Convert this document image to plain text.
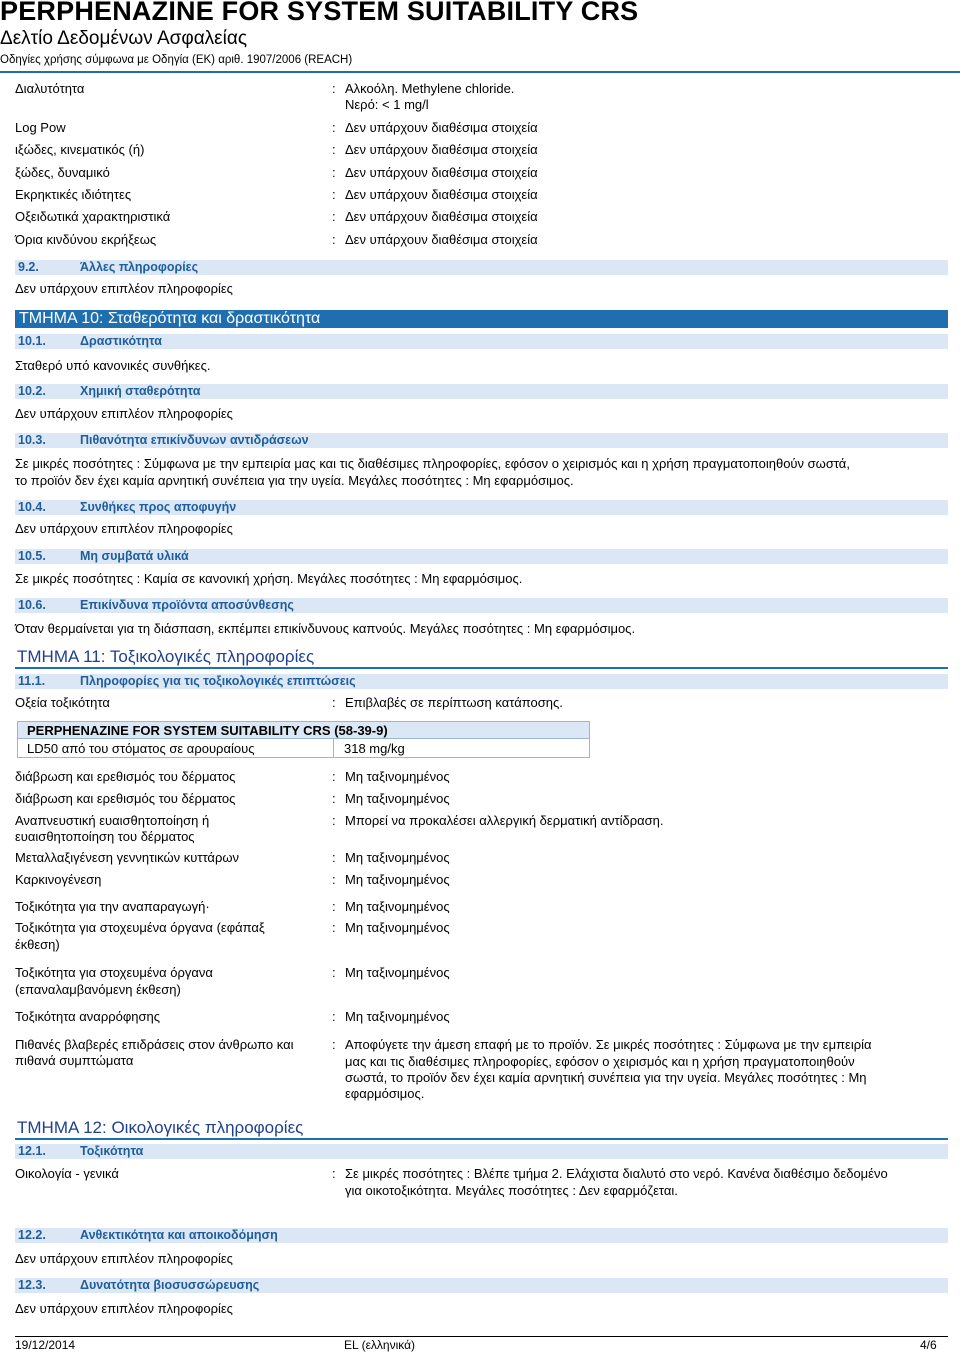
PERPHENAZINE FOR SYSTEM SUITABILITY CRS
Δελτίο Δεδομένων Ασφαλείας
Οδηγίες χρήσης σύμφωνα με Οδηγία (ΕΚ) αριθ. 1907/2006 (REACH)
Διαλυτότητα	: Αλκοόλη. Methylene chloride.
Νερό: < 1 mg/l
Log Pow	: Δεν υπάρχουν διαθέσιμα στοιχεία
ιξώδες, κινεματικός (ή)	: Δεν υπάρχουν διαθέσιμα στοιχεία
ξώδες, δυναμικό	: Δεν υπάρχουν διαθέσιμα στοιχεία
Εκρηκτικές ιδιότητες	: Δεν υπάρχουν διαθέσιμα στοιχεία
Οξειδωτικά χαρακτηριστικά	: Δεν υπάρχουν διαθέσιμα στοιχεία
Όρια κινδύνου εκρήξεως	: Δεν υπάρχουν διαθέσιμα στοιχεία
9.2.	Άλλες πληροφορίες
Δεν υπάρχουν επιπλέον πληροφορίες
ΤΜΗΜΑ 10: Σταθερότητα και δραστικότητα
10.1.	Δραστικότητα
Σταθερό υπό κανονικές συνθήκες.
10.2.	Χημική σταθερότητα
Δεν υπάρχουν επιπλέον πληροφορίες
10.3.	Πιθανότητα επικίνδυνων αντιδράσεων
Σε μικρές ποσότητες : Σύμφωνα με την εμπειρία μας και τις διαθέσιμες πληροφορίες, εφόσον ο χειρισμός και η χρήση πραγματοποιηθούν σωστά,
το προϊόν δεν έχει καμία αρνητική συνέπεια για την υγεία. Μεγάλες ποσότητες : Μη εφαρμόσιμος.
10.4.	Συνθήκες προς αποφυγήν
Δεν υπάρχουν επιπλέον πληροφορίες
10.5.	Μη συμβατά υλικά
Σε μικρές ποσότητες : Καμία σε κανονική χρήση. Μεγάλες ποσότητες : Μη εφαρμόσιμος.
10.6.	Επικίνδυνα προϊόντα αποσύνθεσης
Όταν θερμαίνεται για τη διάσπαση, εκπέμπει επικίνδυνους καπνούς. Μεγάλες ποσότητες : Μη εφαρμόσιμος.
ΤΜΗΜΑ 11: Τοξικολογικές πληροφορίες
11.1.	Πληροφορίες για τις τοξικολογικές επιπτώσεις
Οξεία τοξικότητα	: Επιβλαβές σε περίπτωση κατάποσης.
PERPHENAZINE FOR SYSTEM SUITABILITY CRS (58-39-9)
LD50 από του στόματος σε αρουραίους	318 mg/kg
διάβρωση και ερεθισμός του δέρματος	: Μη ταξινομημένος
διάβρωση και ερεθισμός του δέρματος	: Μη ταξινομημένος
Αναπνευστική ευαισθητοποίηση ή
ευαισθητοποίηση του δέρματος
: Μπορεί να προκαλέσει αλλεργική δερματική αντίδραση.
Μεταλλαξιγένεση γεννητικών κυττάρων	: Μη ταξινομημένος
Καρκινογένεση	: Μη ταξινομημένος
Τοξικότητα για την αναπαραγωγή·	: Μη ταξινομημένος
Τοξικότητα για στοχευμένα όργανα (εφάπαξ
έκθεση)
: Μη ταξινομημένος
Τοξικότητα για στοχευμένα όργανα
(επαναλαμβανόμενη έκθεση)
: Μη ταξινομημένος
Τοξικότητα αναρρόφησης	: Μη ταξινομημένος
Πιθανές βλαβερές επιδράσεις στον άνθρωπο και
πιθανά συμπτώματα
: Αποφύγετε την άμεση επαφή με το προϊόν. Σε μικρές ποσότητες : Σύμφωνα με την εμπειρία
μας και τις διαθέσιμες πληροφορίες, εφόσον ο χειρισμός και η χρήση πραγματοποιηθούν
σωστά, το προϊόν δεν έχει καμία αρνητική συνέπεια για την υγεία. Μεγάλες ποσότητες : Μη
εφαρμόσιμος.
ΤΜΗΜΑ 12: Οικολογικές πληροφορίες
12.1.	Τοξικότητα
Οικολογία - γενικά	: Σε μικρές ποσότητες : Βλέπε τμήμα 2. Ελάχιστα διαλυτό στο νερό. Κανένα διαθέσιμο δεδομένο
για οικοτοξικότητα. Μεγάλες ποσότητες : Δεν εφαρμόζεται.
12.2.	Ανθεκτικότητα και αποικοδόμηση
Δεν υπάρχουν επιπλέον πληροφορίες
12.3.	Δυνατότητα βιοσυσσώρευσης
Δεν υπάρχουν επιπλέον πληροφορίες
19/12/2014	EL (ελληνικά)	4/6
